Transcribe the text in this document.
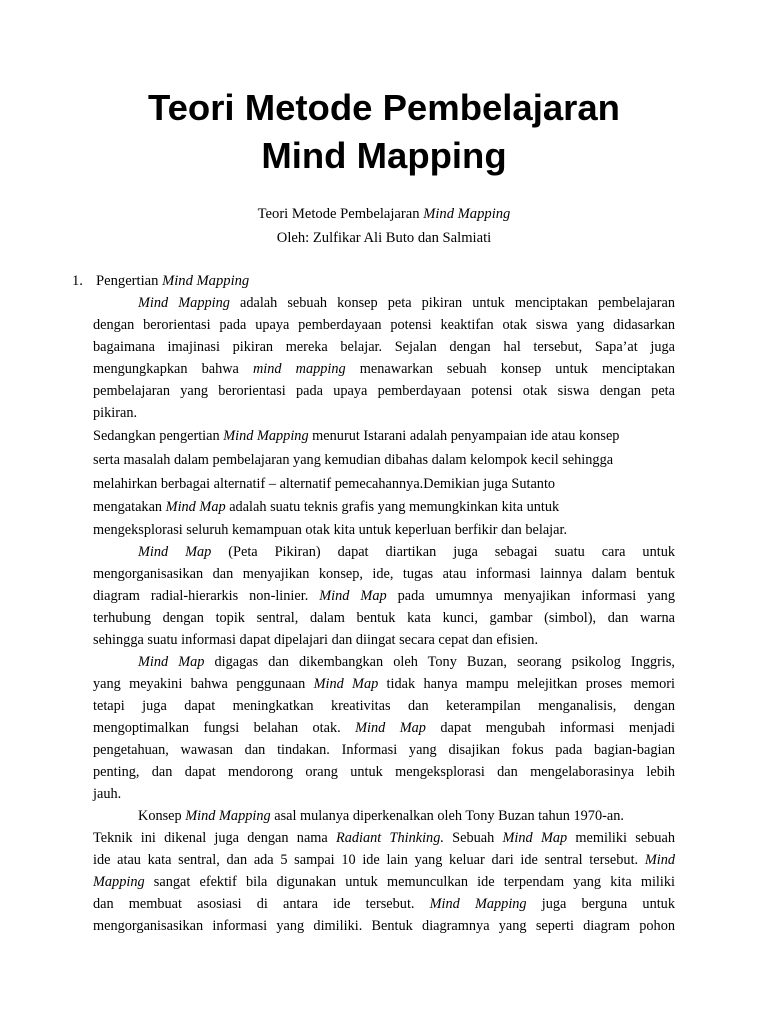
Teori Metode Pembelajaran
Mind Mapping
Teori Metode Pembelajaran Mind Mapping
Oleh: Zulfikar Ali Buto dan Salmiati
1. Pengertian Mind Mapping
Mind Mapping adalah sebuah konsep peta pikiran untuk menciptakan pembelajaran
dengan berorientasi pada upaya pemberdayaan potensi keaktifan otak siswa yang didasarkan
bagaimana imajinasi pikiran mereka belajar. Sejalan dengan hal tersebut, Sapa’at juga
mengungkapkan bahwa mind mapping menawarkan sebuah konsep untuk menciptakan
pembelajaran yang berorientasi pada upaya pemberdayaan potensi otak siswa dengan peta
pikiran.
Sedangkan pengertian Mind Mapping menurut Istarani adalah penyampaian ide atau konsep
serta masalah dalam pembelajaran yang kemudian dibahas dalam kelompok kecil sehingga
melahirkan berbagai alternatif – alternatif pemecahannya.Demikian juga Sutanto
mengatakan Mind Map adalah suatu teknis grafis yang memungkinkan kita untuk
mengeksplorasi seluruh kemampuan otak kita untuk keperluan berfikir dan belajar.
Mind Map (Peta Pikiran) dapat diartikan juga sebagai suatu cara untuk
mengorganisasikan dan menyajikan konsep, ide, tugas atau informasi lainnya dalam bentuk
diagram radial-hierarkis non-linier. Mind Map pada umumnya menyajikan informasi yang
terhubung dengan topik sentral, dalam bentuk kata kunci, gambar (simbol), dan warna
sehingga suatu informasi dapat dipelajari dan diingat secara cepat dan efisien.
Mind Map digagas dan dikembangkan oleh Tony Buzan, seorang psikolog Inggris,
yang meyakini bahwa penggunaan Mind Map tidak hanya mampu melejitkan proses memori
tetapi juga dapat meningkatkan kreativitas dan keterampilan menganalisis, dengan
mengoptimalkan fungsi belahan otak. Mind Map dapat mengubah informasi menjadi
pengetahuan, wawasan dan tindakan. Informasi yang disajikan fokus pada bagian-bagian
penting, dan dapat mendorong orang untuk mengeksplorasi dan mengelaborasinya lebih
jauh.
Konsep Mind Mapping asal mulanya diperkenalkan oleh Tony Buzan tahun 1970-an.
Teknik ini dikenal juga dengan nama Radiant Thinking. Sebuah Mind Map memiliki sebuah
ide atau kata sentral, dan ada 5 sampai 10 ide lain yang keluar dari ide sentral tersebut. Mind
Mapping sangat efektif bila digunakan untuk memunculkan ide terpendam yang kita miliki
dan membuat asosiasi di antara ide tersebut. Mind Mapping juga berguna untuk
mengorganisasikan informasi yang dimiliki. Bentuk diagramnya yang seperti diagram pohon
